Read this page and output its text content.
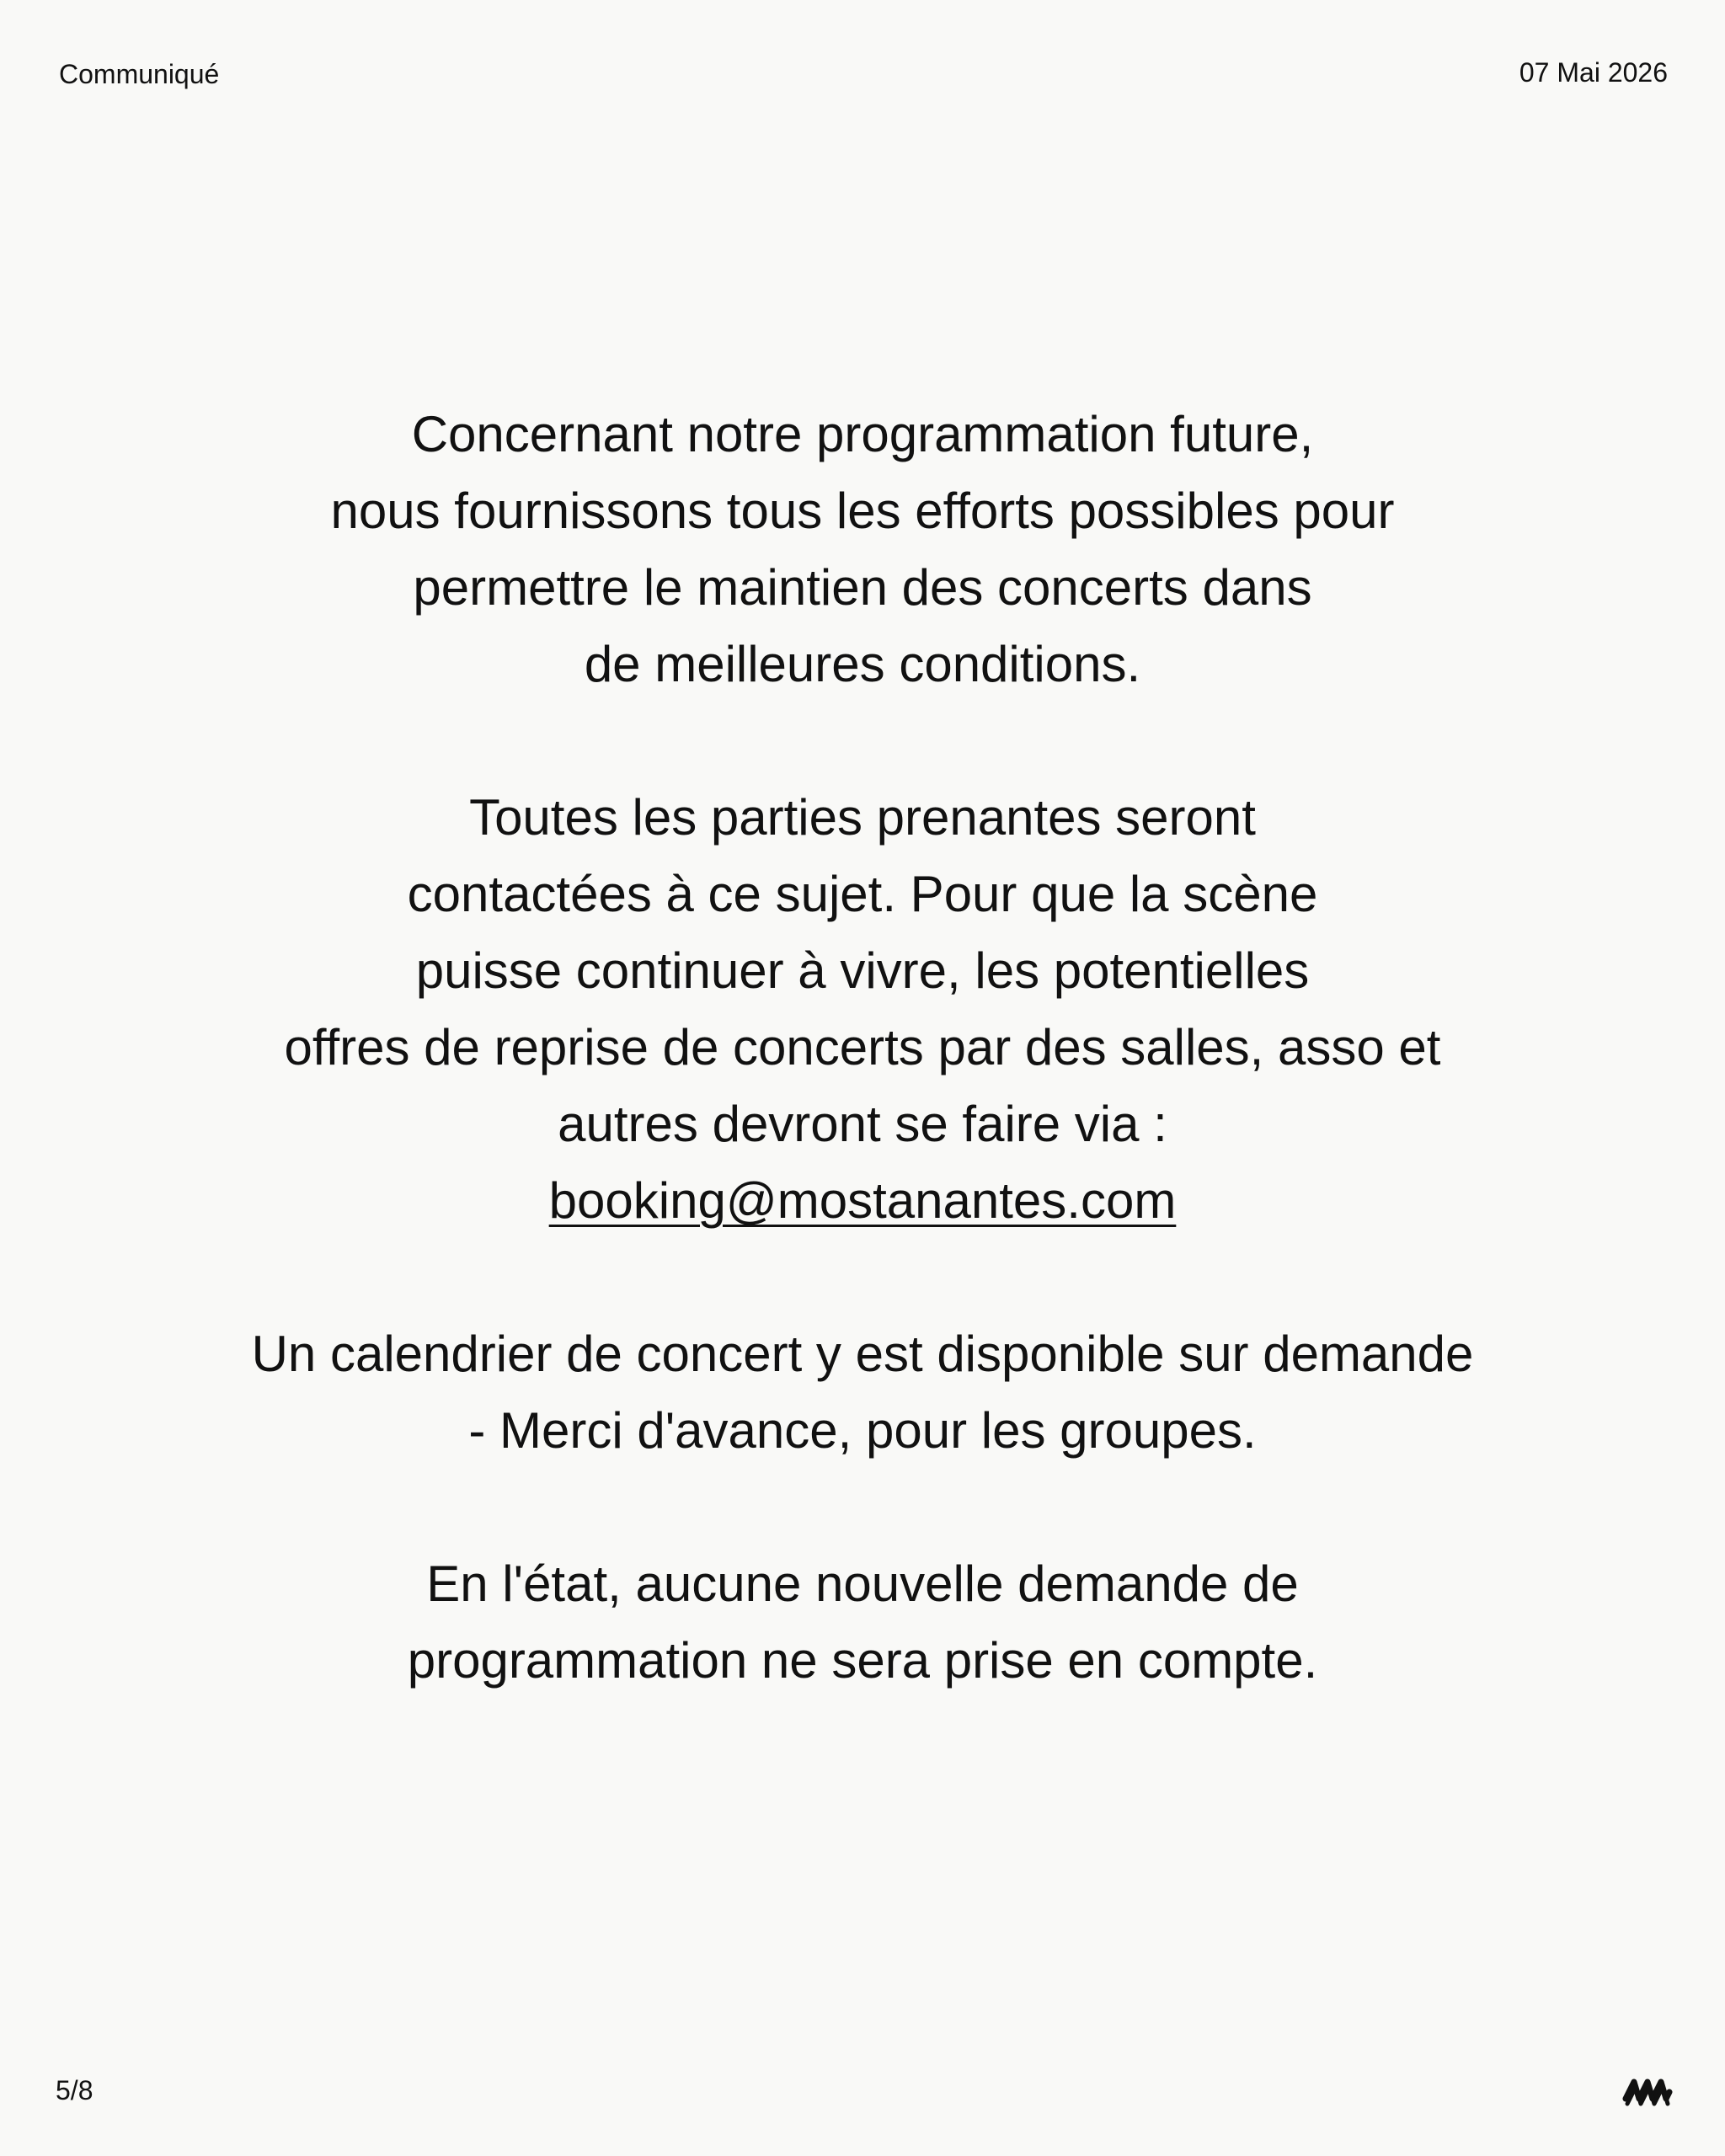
Communiqué	07 Mai 2026

Concernant notre programmation future,
nous fournissons tous les efforts possibles pour
permettre le maintien des concerts dans
de meilleures conditions.

Toutes les parties prenantes seront
contactées à ce sujet. Pour que la scène
puisse continuer à vivre, les potentielles
offres de reprise de concerts par des salles, asso et
autres devront se faire via :
booking@mostanantes.com

Un calendrier de concert y est disponible sur demande
- Merci d'avance, pour les groupes.

En l'état, aucune nouvelle demande de
programmation ne sera prise en compte.

5/8
